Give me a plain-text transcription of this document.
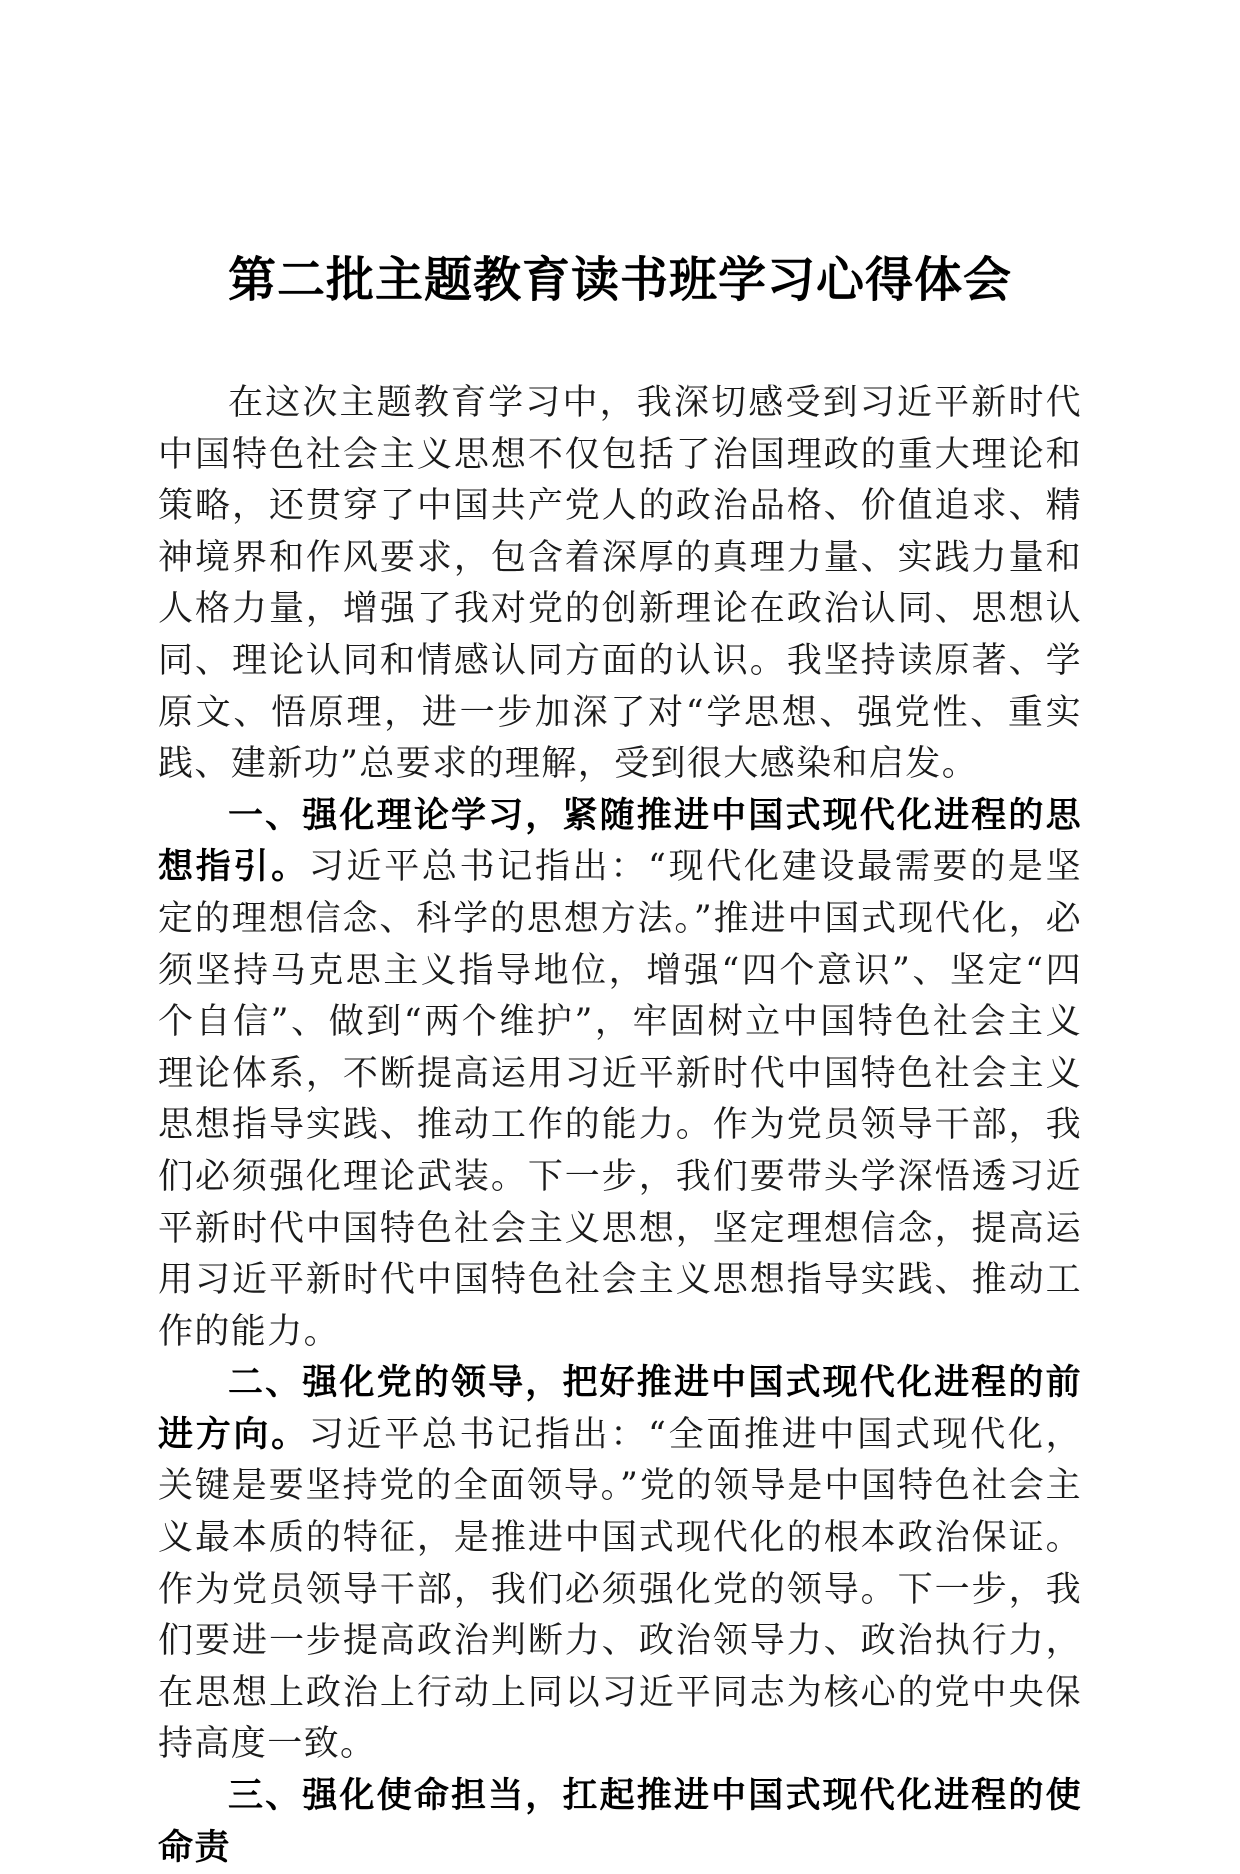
第二批主题教育读书班学习心得体会

在这次主题教育学习中，我深切感受到习近平新时代中国特色社会主义思想不仅包括了治国理政的重大理论和策略，还贯穿了中国共产党人的政治品格、价值追求、精神境界和作风要求，包含着深厚的真理力量、实践力量和人格力量，增强了我对党的创新理论在政治认同、思想认同、理论认同和情感认同方面的认识。我坚持读原著、学原文、悟原理，进一步加深了对“学思想、强党性、重实践、建新功”总要求的理解，受到很大感染和启发。

一、强化理论学习，紧随推进中国式现代化进程的思想指引。习近平总书记指出：“现代化建设最需要的是坚定的理想信念、科学的思想方法。”推进中国式现代化，必须坚持马克思主义指导地位，增强“四个意识”、坚定“四个自信”、做到“两个维护”，牢固树立中国特色社会主义理论体系，不断提高运用习近平新时代中国特色社会主义思想指导实践、推动工作的能力。作为党员领导干部，我们必须强化理论武装。下一步，我们要带头学深悟透习近平新时代中国特色社会主义思想，坚定理想信念，提高运用习近平新时代中国特色社会主义思想指导实践、推动工作的能力。

二、强化党的领导，把好推进中国式现代化进程的前进方向。习近平总书记指出：“全面推进中国式现代化，关键是要坚持党的全面领导。”党的领导是中国特色社会主义最本质的特征，是推进中国式现代化的根本政治保证。作为党员领导干部，我们必须强化党的领导。下一步，我们要进一步提高政治判断力、政治领导力、政治执行力，在思想上政治上行动上同以习近平同志为核心的党中央保持高度一致。

三、强化使命担当，扛起推进中国式现代化进程的使命责
